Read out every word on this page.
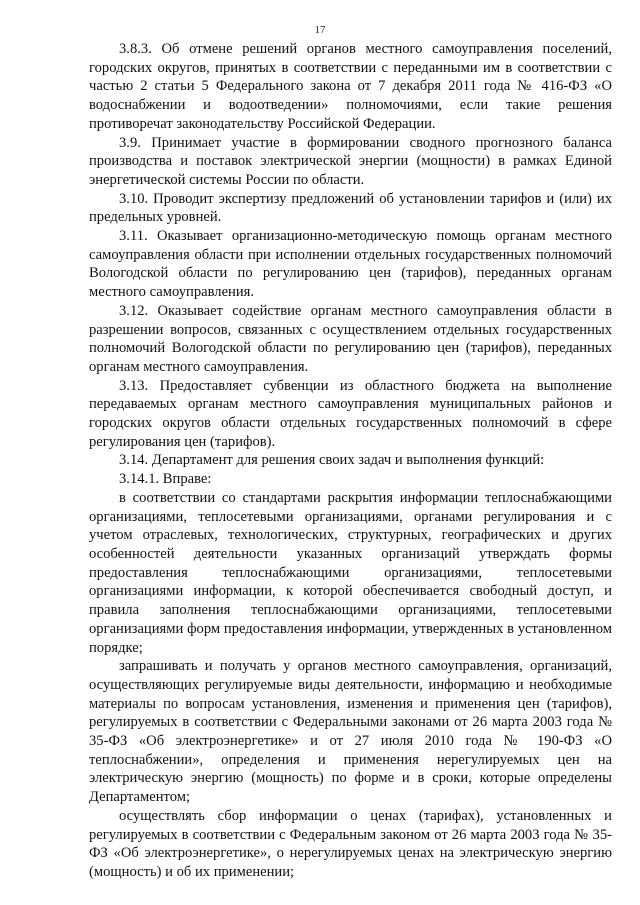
17

3.8.3. Об отмене решений органов местного самоуправления поселений, городских округов, принятых в соответствии с переданными им в соответствии с частью 2 статьи 5 Федерального закона от 7 декабря 2011 года № 416-ФЗ «О водоснабжении и водоотведении» полномочиями, если такие решения противоречат законодательству Российской Федерации.

3.9. Принимает участие в формировании сводного прогнозного баланса производства и поставок электрической энергии (мощности) в рамках Единой энергетической системы России по области.

3.10. Проводит экспертизу предложений об установлении тарифов и (или) их предельных уровней.

3.11. Оказывает организационно-методическую помощь органам местного самоуправления области при исполнении отдельных государственных полномочий Вологодской области по регулированию цен (тарифов), переданных органам местного самоуправления.

3.12. Оказывает содействие органам местного самоуправления области в разрешении вопросов, связанных с осуществлением отдельных государственных полномочий Вологодской области по регулированию цен (тарифов), переданных органам местного самоуправления.

3.13. Предоставляет субвенции из областного бюджета на выполнение передаваемых органам местного самоуправления муниципальных районов и городских округов области отдельных государственных полномочий в сфере регулирования цен (тарифов).

3.14. Департамент для решения своих задач и выполнения функций:

3.14.1. Вправе:

в соответствии со стандартами раскрытия информации теплоснабжающими организациями, теплосетевыми организациями, органами регулирования и с учетом отраслевых, технологических, структурных, географических и других особенностей деятельности указанных организаций утверждать формы предоставления теплоснабжающими организациями, теплосетевыми организациями информации, к которой обеспечивается свободный доступ, и правила заполнения теплоснабжающими организациями, теплосетевыми организациями форм предоставления информации, утвержденных в установленном порядке;

запрашивать и получать у органов местного самоуправления, организаций, осуществляющих регулируемые виды деятельности, информацию и необходимые материалы по вопросам установления, изменения и применения цен (тарифов), регулируемых в соответствии с Федеральными законами от 26 марта 2003 года № 35-ФЗ «Об электроэнергетике» и от 27 июля 2010 года № 190-ФЗ «О теплоснабжении», определения и применения нерегулируемых цен на электрическую энергию (мощность) по форме и в сроки, которые определены Департаментом;

осуществлять сбор информации о ценах (тарифах), установленных и регулируемых в соответствии с Федеральным законом от 26 марта 2003 года № 35-ФЗ «Об электроэнергетике», о нерегулируемых ценах на электрическую энергию (мощность) и об их применении;
